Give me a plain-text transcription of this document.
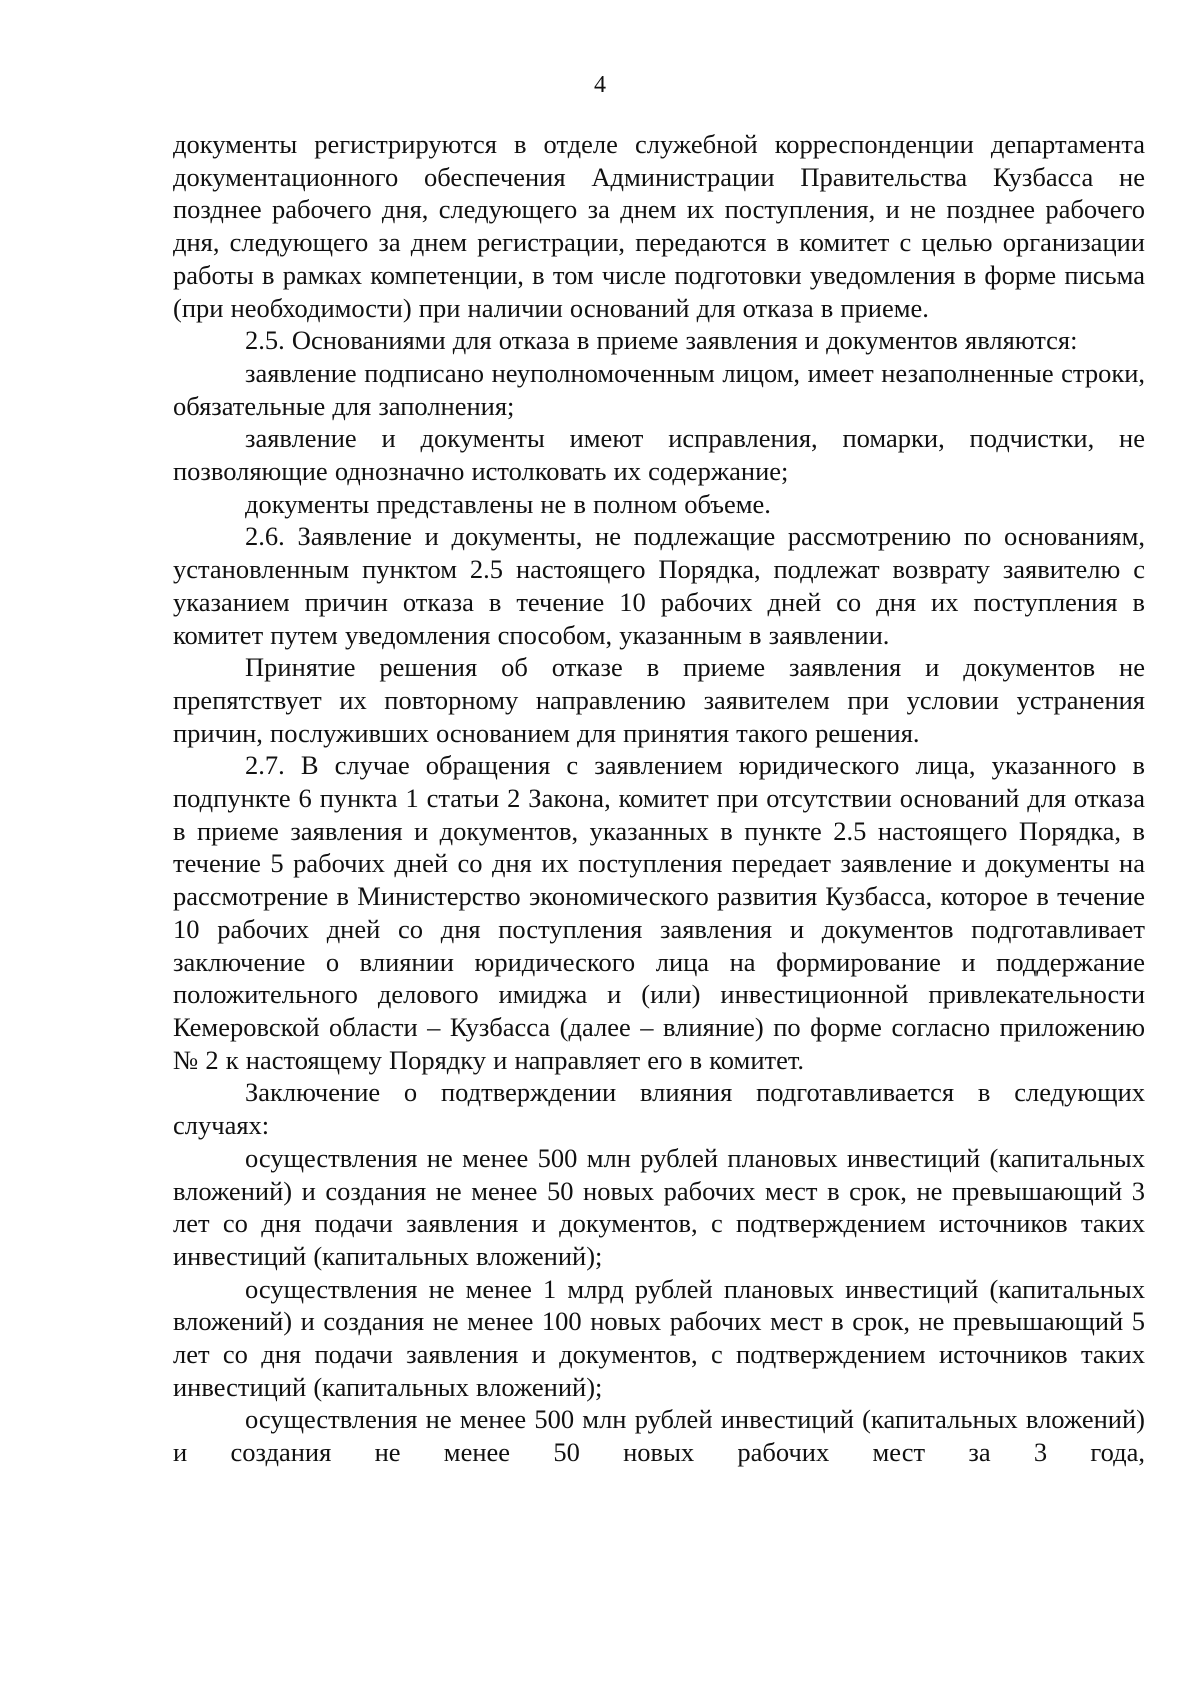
4

документы регистрируются в отделе служебной корреспонденции департамента документационного обеспечения Администрации Правительства Кузбасса не позднее рабочего дня, следующего за днем их поступления, и не позднее рабочего дня, следующего за днем регистрации, передаются в комитет с целью организации работы в рамках компетенции, в том числе подготовки уведомления в форме письма (при необходимости) при наличии оснований для отказа в приеме.

2.5. Основаниями для отказа в приеме заявления и документов являются:

заявление подписано неуполномоченным лицом, имеет незаполненные строки, обязательные для заполнения;

заявление и документы имеют исправления, помарки, подчистки, не позволяющие однозначно истолковать их содержание;

документы представлены не в полном объеме.

2.6. Заявление и документы, не подлежащие рассмотрению по основаниям, установленным пунктом 2.5 настоящего Порядка, подлежат возврату заявителю с указанием причин отказа в течение 10 рабочих дней со дня их поступления в комитет путем уведомления способом, указанным в заявлении.

Принятие решения об отказе в приеме заявления и документов не препятствует их повторному направлению заявителем при условии устранения причин, послуживших основанием для принятия такого решения.

2.7. В случае обращения с заявлением юридического лица, указанного в подпункте 6 пункта 1 статьи 2 Закона, комитет при отсутствии оснований для отказа в приеме заявления и документов, указанных в пункте 2.5 настоящего Порядка, в течение 5 рабочих дней со дня их поступления передает заявление и документы на рассмотрение в Министерство экономического развития Кузбасса, которое в течение 10 рабочих дней со дня поступления заявления и документов подготавливает заключение о влиянии юридического лица на формирование и поддержание положительного делового имиджа и (или) инвестиционной привлекательности Кемеровской области – Кузбасса (далее – влияние) по форме согласно приложению № 2 к настоящему Порядку и направляет его в комитет.

Заключение о подтверждении влияния подготавливается в следующих случаях:

осуществления не менее 500 млн рублей плановых инвестиций (капитальных вложений) и создания не менее 50 новых рабочих мест в срок, не превышающий 3 лет со дня подачи заявления и документов, с подтверждением источников таких инвестиций (капитальных вложений);

осуществления не менее 1 млрд рублей плановых инвестиций (капитальных вложений) и создания не менее 100 новых рабочих мест в срок, не превышающий 5 лет со дня подачи заявления и документов, с подтверждением источников таких инвестиций (капитальных вложений);

осуществления не менее 500 млн рублей инвестиций (капитальных вложений) и создания не менее 50 новых рабочих мест за 3 года,
